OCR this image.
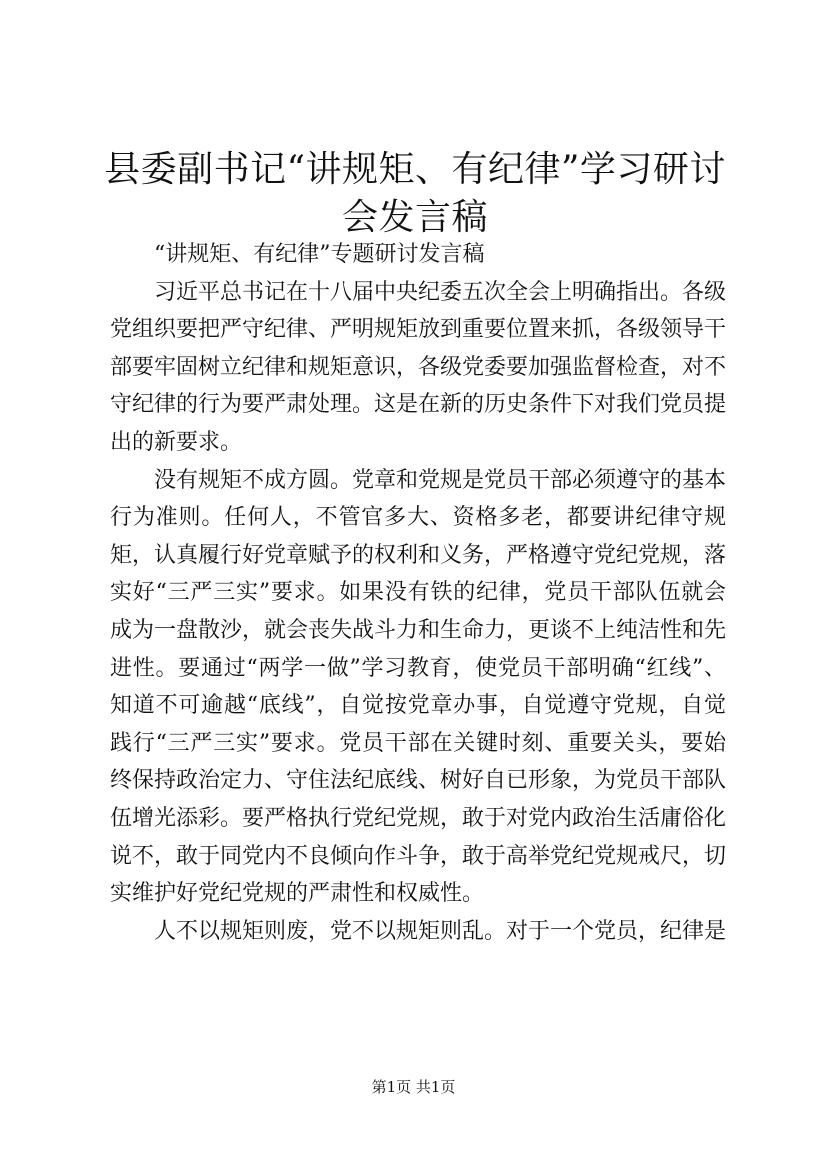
县委副书记“讲规矩、有纪律”学习研讨会发言稿

“讲规矩、有纪律”专题研讨发言稿

习近平总书记在十八届中央纪委五次全会上明确指出。各级党组织要把严守纪律、严明规矩放到重要位置来抓，各级领导干部要牢固树立纪律和规矩意识，各级党委要加强监督检查，对不守纪律的行为要严肃处理。这是在新的历史条件下对我们党员提出的新要求。

没有规矩不成方圆。党章和党规是党员干部必须遵守的基本行为准则。任何人，不管官多大、资格多老，都要讲纪律守规矩，认真履行好党章赋予的权利和义务，严格遵守党纪党规，落实好“三严三实”要求。如果没有铁的纪律，党员干部队伍就会成为一盘散沙，就会丧失战斗力和生命力，更谈不上纯洁性和先进性。要通过“两学一做”学习教育，使党员干部明确“红线”、知道不可逾越“底线”，自觉按党章办事，自觉遵守党规，自觉践行“三严三实”要求。党员干部在关键时刻、重要关头，要始终保持政治定力、守住法纪底线、树好自已形象，为党员干部队伍增光添彩。要严格执行党纪党规，敢于对党内政治生活庸俗化说不，敢于同党内不良倾向作斗争，敢于高举党纪党规戒尺，切实维护好党纪党规的严肃性和权威性。

人不以规矩则废，党不以规矩则乱。对于一个党员，纪律是

第1页 共1页
